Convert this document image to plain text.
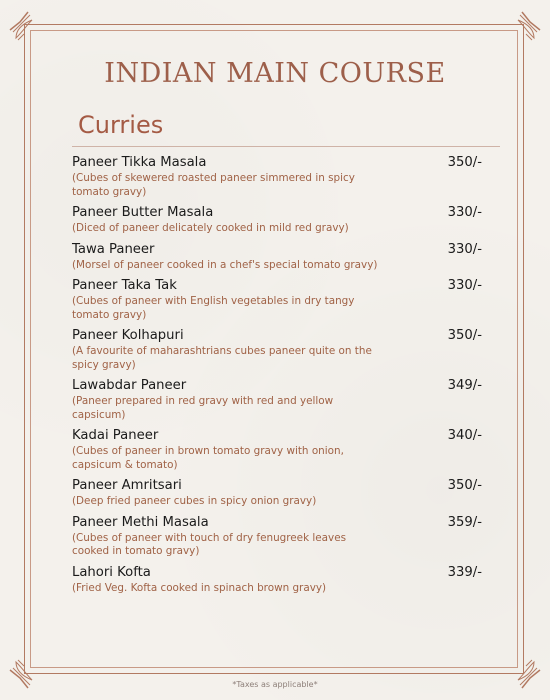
INDIAN MAIN COURSE
Curries
Paneer Tikka Masala	350/-
(Cubes of skewered roasted paneer simmered in spicy tomato gravy)
Paneer Butter Masala	330/-
(Diced of paneer delicately cooked in mild red gravy)
Tawa Paneer	330/-
(Morsel of paneer cooked in a chef's special tomato gravy)
Paneer Taka Tak	330/-
(Cubes of paneer with English vegetables in dry tangy tomato gravy)
Paneer Kolhapuri	350/-
(A favourite of maharashtrians cubes paneer quite on the spicy gravy)
Lawabdar Paneer	349/-
(Paneer prepared in red gravy with red and yellow capsicum)
Kadai Paneer	340/-
(Cubes of paneer in brown tomato gravy with onion, capsicum & tomato)
Paneer Amritsari	350/-
(Deep fried paneer cubes in spicy onion gravy)
Paneer Methi Masala	359/-
(Cubes of paneer with touch of dry fenugreek leaves cooked in tomato gravy)
Lahori Kofta	339/-
(Fried Veg. Kofta cooked in spinach brown gravy)
*Taxes as applicable*
